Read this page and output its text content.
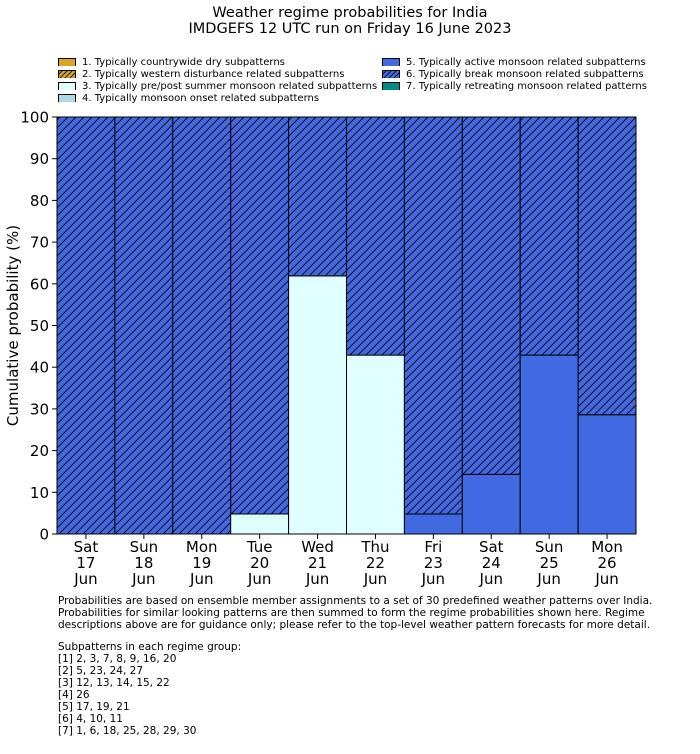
Weather regime probabilities for India
IMDGEFS 12 UTC run on Friday 16 June 2023
1. Typically countrywide dry subpatterns
2. Typically western disturbance related subpatterns
3. Typically pre/post summer monsoon related subpatterns
4. Typically monsoon onset related subpatterns
5. Typically active monsoon related subpatterns
6. Typically break monsoon related subpatterns
7. Typically retreating monsoon related patterns
0
10
20
30
40
50
60
70
80
90
100
Sat 17 Jun
Sun 18 Jun
Mon 19 Jun
Tue 20 Jun
Wed 21 Jun
Thu 22 Jun
Fri 23 Jun
Sat 24 Jun
Sun 25 Jun
Mon 26 Jun
Cumulative probability (%)
Probabilities are based on ensemble member assignments to a set of 30 predefined weather patterns over India.
Probabilities for similar looking patterns are then summed to form the regime probabilities shown here. Regime
descriptions above are for guidance only; please refer to the top-level weather pattern forecasts for more detail.
Subpatterns in each regime group:
[1] 2, 3, 7, 8, 9, 16, 20
[2] 5, 23, 24, 27
[3] 12, 13, 14, 15, 22
[4] 26
[5] 17, 19, 21
[6] 4, 10, 11
[7] 1, 6, 18, 25, 28, 29, 30
